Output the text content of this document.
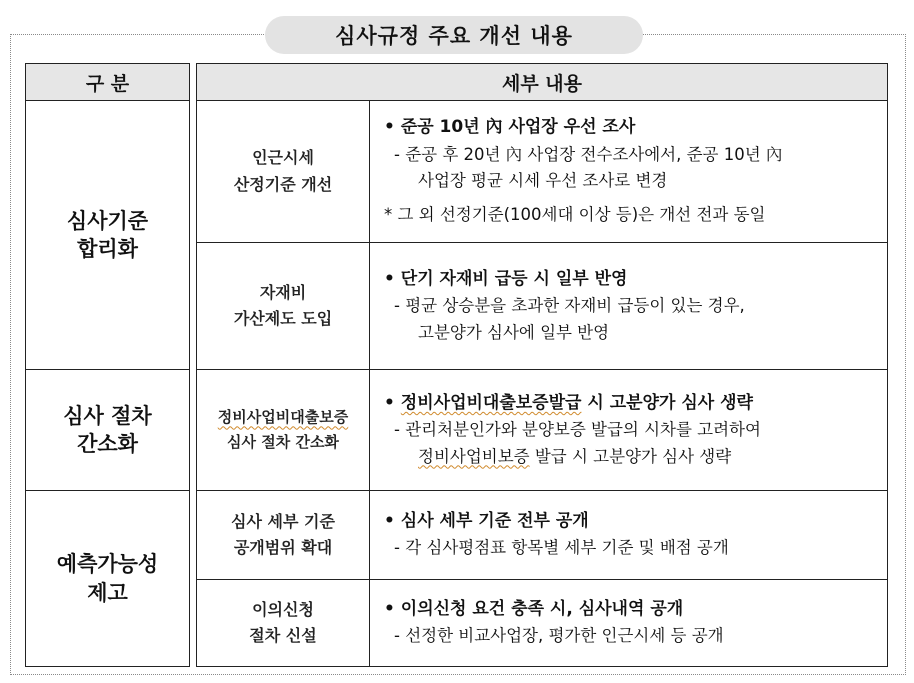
심사규정 주요 개선 내용
구 분	세부 내용
심사기준
합리화
인근시세
산정기준 개선
• 준공 10년 內 사업장 우선 조사
- 준공 후 20년 內 사업장 전수조사에서, 준공 10년 內
사업장 평균 시세 우선 조사로 변경
* 그 외 선정기준(100세대 이상 등)은 개선 전과 동일
자재비
가산제도 도입
• 단기 자재비 급등 시 일부 반영
- 평균 상승분을 초과한 자재비 급등이 있는 경우,
고분양가 심사에 일부 반영
심사 절차
간소화
정비사업비대출보증
심사 절차 간소화
• 정비사업비대출보증발급 시 고분양가 심사 생략
- 관리처분인가와 분양보증 발급의 시차를 고려하여
정비사업비보증 발급 시 고분양가 심사 생략
예측가능성
제고
심사 세부 기준
공개범위 확대
• 심사 세부 기준 전부 공개
- 각 심사평점표 항목별 세부 기준 및 배점 공개
이의신청
절차 신설
• 이의신청 요건 충족 시, 심사내역 공개
- 선정한 비교사업장, 평가한 인근시세 등 공개
